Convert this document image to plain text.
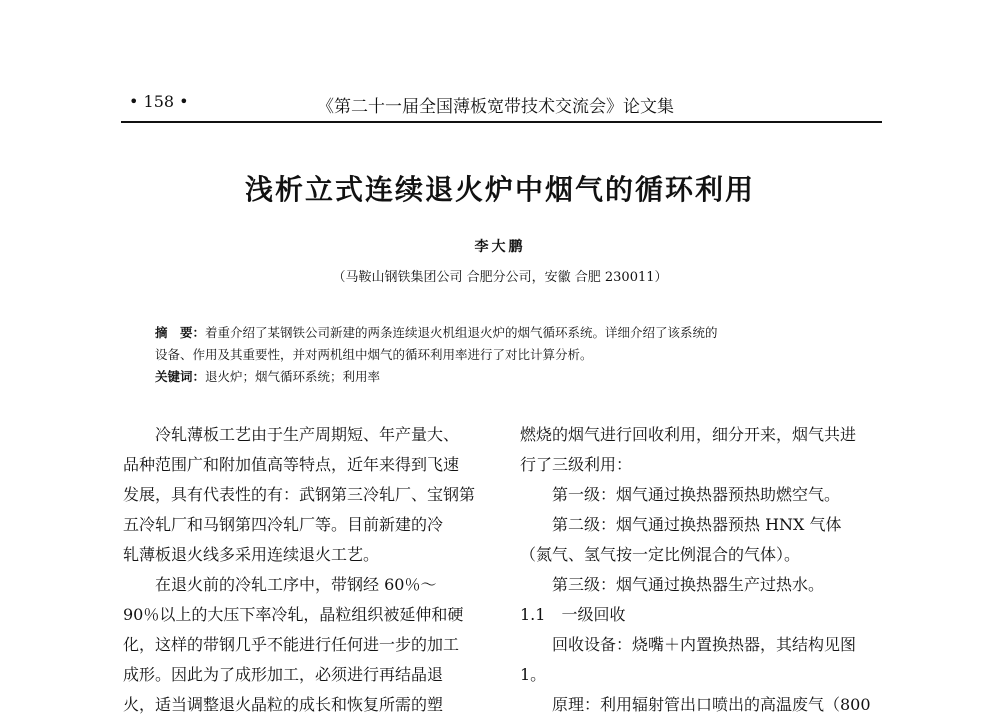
• 158 •	《第二十一届全国薄板宽带技术交流会》论文集
浅析立式连续退火炉中烟气的循环利用
李大鹏
（马鞍山钢铁集团公司 合肥分公司，安徽 合肥 230011）
摘　要：着重介绍了某钢铁公司新建的两条连续退火机组退火炉的烟气循环系统。详细介绍了该系统的
设备、作用及其重要性，并对两机组中烟气的循环利用率进行了对比计算分析。
关键词：退火炉；烟气循环系统；利用率

冷轧薄板工艺由于生产周期短、年产量大、

品种范围广和附加值高等特点，近年来得到飞速

发展，具有代表性的有：武钢第三冷轧厂、宝钢第

五冷轧厂和马钢第四冷轧厂等。目前新建的冷

轧薄板退火线多采用连续退火工艺。

在退火前的冷轧工序中，带钢经 60％～

90％以上的大压下率冷轧，晶粒组织被延伸和硬

化，这样的带钢几乎不能进行任何进一步的加工

成形。因此为了成形加工，必须进行再结晶退

火，适当调整退火晶粒的成长和恢复所需的塑

燃烧的烟气进行回收利用，细分开来，烟气共进

行了三级利用：

第一级：烟气通过换热器预热助燃空气。

第二级：烟气通过换热器预热 HNX 气体

（氮气、氢气按一定比例混合的气体）。

第三级：烟气通过换热器生产过热水。

1.1　一级回收

回收设备：烧嘴＋内置换热器，其结构见图

1。

原理：利用辐射管出口喷出的高温废气（800
